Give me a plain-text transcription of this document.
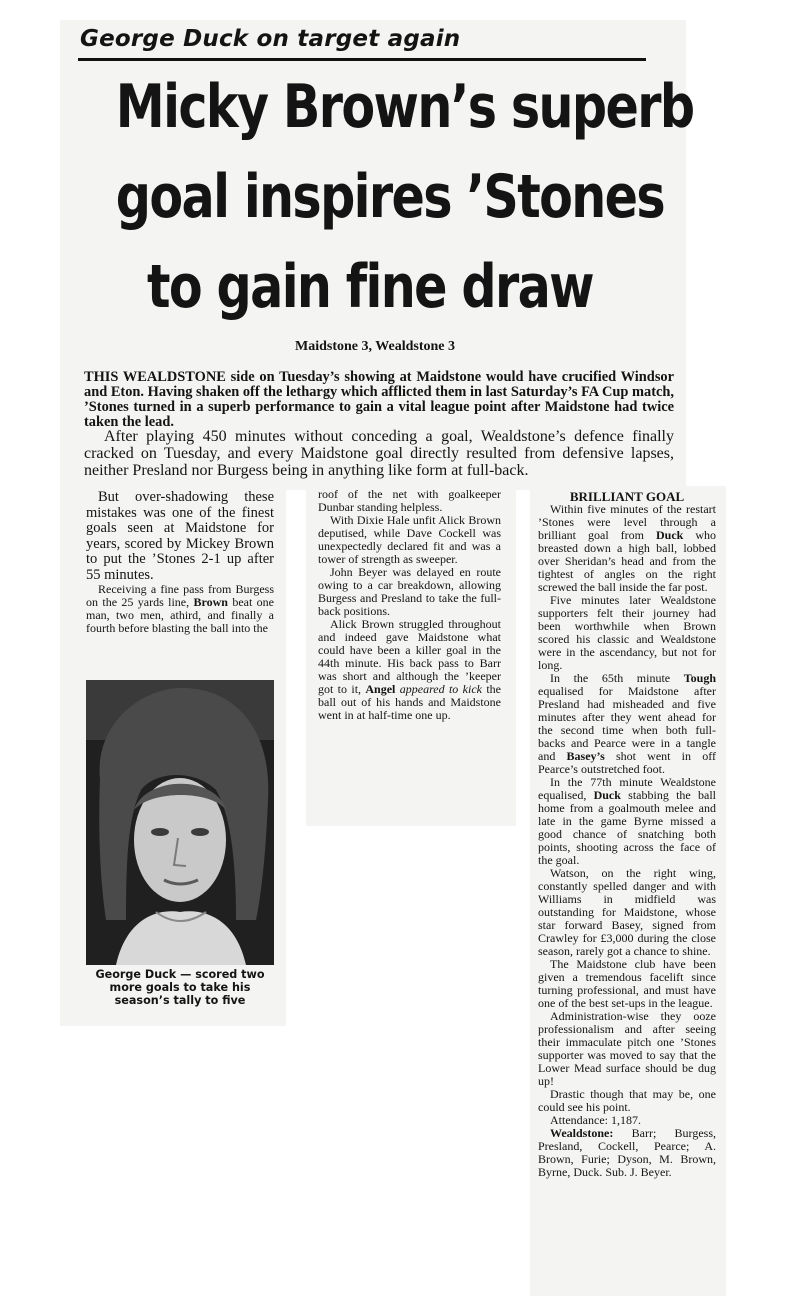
George Duck on target again
Micky Brown’s superb
goal inspires ’Stones
to gain fine draw
Maidstone 3, Wealdstone 3
THIS WEALDSTONE side on Tuesday’s showing at Maidstone would have crucified Windsor and Eton. Having shaken off the lethargy which afflicted them in last Saturday’s FA Cup match, ’Stones turned in a superb performance to gain a vital league point after Maidstone had twice taken the lead.
After playing 450 minutes without conceding a goal, Wealdstone’s defence finally cracked on Tuesday, and every Maidstone goal directly resulted from defensive lapses, neither Presland nor Burgess being in anything like form at full-back.

But over-shadowing these mistakes was one of the finest goals seen at Maidstone for years, scored by Mickey Brown to put the ’Stones 2-1 up after 55 minutes.

Receiving a fine pass from Burgess on the 25 yards line, Brown beat one man, two men, athird, and finally a fourth before blasting the ball into the

George Duck — scored two more goals to take his season’s tally to five

roof of the net with goalkeeper Dunbar standing helpless.

With Dixie Hale unfit Alick Brown deputised, while Dave Cockell was unexpectedly declared fit and was a tower of strength as sweeper.

John Beyer was delayed en route owing to a car breakdown, allowing Burgess and Presland to take the full-back positions.

Alick Brown struggled throughout and indeed gave Maidstone what could have been a killer goal in the 44th minute. His back pass to Barr was short and although the ’keeper got to it, Angel appeared to kick the ball out of his hands and Maidstone went in at half-time one up.

BRILLIANT GOAL

Within five minutes of the restart ’Stones were level through a brilliant goal from Duck who breasted down a high ball, lobbed over Sheridan’s head and from the tightest of angles on the right screwed the ball inside the far post.

Five minutes later Wealdstone supporters felt their journey had been worthwhile when Brown scored his classic and Wealdstone were in the ascendancy, but not for long.

In the 65th minute Tough equalised for Maidstone after Presland had misheaded and five minutes after they went ahead for the second time when both full-backs and Pearce were in a tangle and Basey’s shot went in off Pearce’s outstretched foot.

In the 77th minute Wealdstone equalised, Duck stabbing the ball home from a goalmouth melee and late in the game Byrne missed a good chance of snatching both points, shooting across the face of the goal.

Watson, on the right wing, constantly spelled danger and with Williams in midfield was outstanding for Maidstone, whose star forward Basey, signed from Crawley for £3,000 during the close season, rarely got a chance to shine.

The Maidstone club have been given a tremendous facelift since turning professional, and must have one of the best set-ups in the league.

Administration-wise they ooze professionalism and after seeing their immaculate pitch one ’Stones supporter was moved to say that the Lower Mead surface should be dug up!

Drastic though that may be, one could see his point.

Attendance: 1,187.

Wealdstone: Barr; Burgess, Presland, Cockell, Pearce; A. Brown, Furie; Dyson, M. Brown, Byrne, Duck. Sub. J. Beyer.
